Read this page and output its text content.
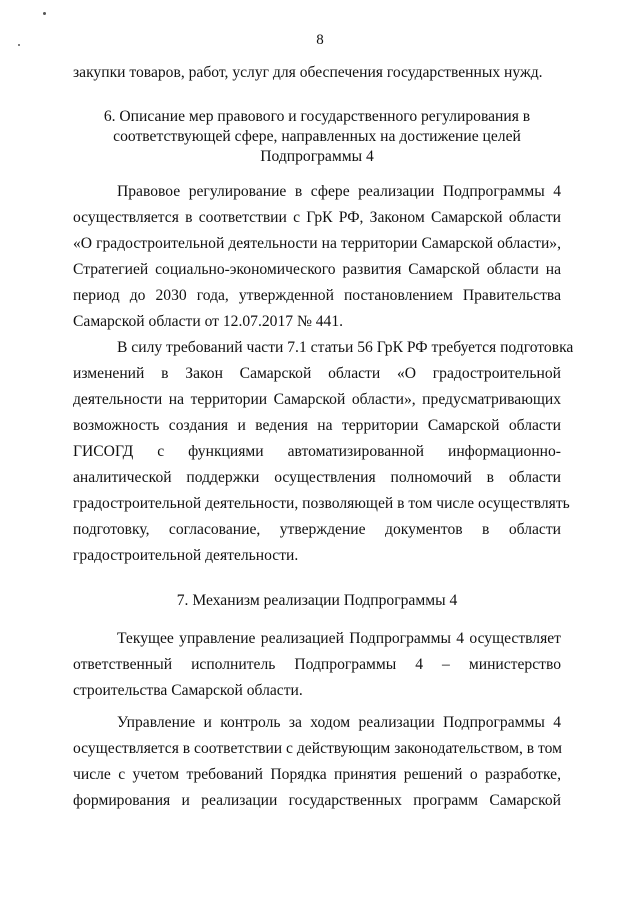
8
закупки товаров, работ, услуг для обеспечения государственных нужд.
6. Описание мер правового и государственного регулирования в
соответствующей сфере, направленных на достижение целей
Подпрограммы 4
Правовое регулирование в сфере реализации Подпрограммы 4
осуществляется в соответствии с ГрК РФ, Законом Самарской области
«О градостроительной деятельности на территории Самарской области»,
Стратегией социально-экономического развития Самарской области на
период до 2030 года, утвержденной постановлением Правительства
Самарской области от 12.07.2017 № 441.
В силу требований части 7.1 статьи 56 ГрК РФ требуется подготовка
изменений в Закон Самарской области «О градостроительной
деятельности на территории Самарской области», предусматривающих
возможность создания и ведения на территории Самарской области
ГИСОГД с функциями автоматизированной информационно-
аналитической поддержки осуществления полномочий в области
градостроительной деятельности, позволяющей в том числе осуществлять
подготовку, согласование, утверждение документов в области
градостроительной деятельности.
7. Механизм реализации Подпрограммы 4
Текущее управление реализацией Подпрограммы 4 осуществляет
ответственный исполнитель Подпрограммы 4 – министерство
строительства Самарской области.
Управление и контроль за ходом реализации Подпрограммы 4
осуществляется в соответствии с действующим законодательством, в том
числе с учетом требований Порядка принятия решений о разработке,
формирования и реализации государственных программ Самарской
